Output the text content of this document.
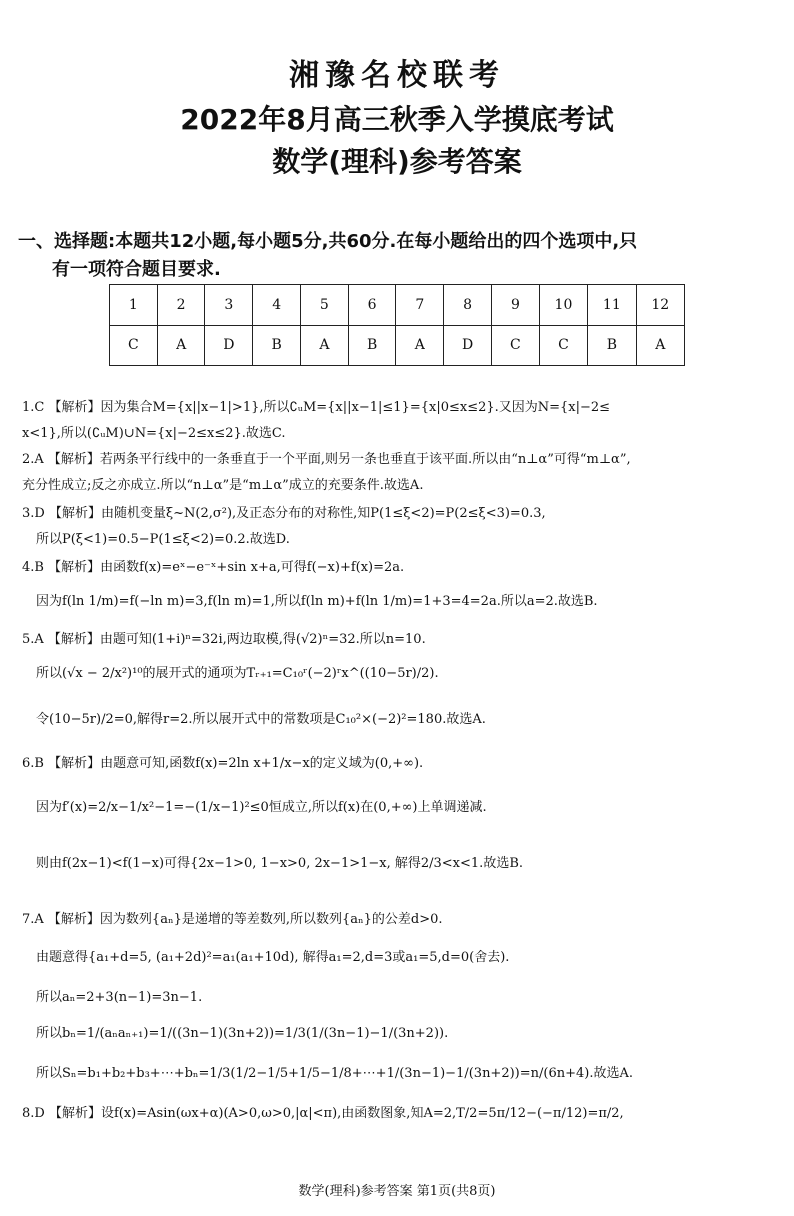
湘豫名校联考
2022年8月高三秋季入学摸底考试
数学(理科)参考答案
一、选择题:本题共12小题,每小题5分,共60分.在每小题给出的四个选项中,只
有一项符合题目要求.
1	2	3	4	5	6	7	8	9	10	11	12
C	A	D	B	A	B	A	D	C	C	B	A
1.C 【解析】因为集合M={x||x−1|>1},所以∁ᵤM={x||x−1|≤1}={x|0≤x≤2}.又因为N={x|−2≤
x<1},所以(∁ᵤM)∪N={x|−2≤x≤2}.故选C.
2.A 【解析】若两条平行线中的一条垂直于一个平面,则另一条也垂直于该平面.所以由“n⊥α”可得“m⊥α”,
充分性成立;反之亦成立.所以“n⊥α”是“m⊥α”成立的充要条件.故选A.
3.D 【解析】由随机变量ξ~N(2,σ²),及正态分布的对称性,知P(1≤ξ<2)=P(2≤ξ<3)=0.3,
所以P(ξ<1)=0.5−P(1≤ξ<2)=0.2.故选D.
4.B 【解析】由函数f(x)=eˣ−e⁻ˣ+sin x+a,可得f(−x)+f(x)=2a.
因为f(ln 1/m)=f(−ln m)=3,f(ln m)=1,所以f(ln m)+f(ln 1/m)=1+3=4=2a.所以a=2.故选B.
5.A 【解析】由题可知(1+i)ⁿ=32i,两边取模,得(√2)ⁿ=32.所以n=10.
所以(√x − 2/x²)¹⁰的展开式的通项为Tᵣ₊₁=C₁₀ʳ(−2)ʳx^((10−5r)/2).
令(10−5r)/2=0,解得r=2.所以展开式中的常数项是C₁₀²×(−2)²=180.故选A.
6.B 【解析】由题意可知,函数f(x)=2ln x+1/x−x的定义域为(0,+∞).
因为f′(x)=2/x−1/x²−1=−(1/x−1)²≤0恒成立,所以f(x)在(0,+∞)上单调递减.
则由f(2x−1)<f(1−x)可得{2x−1>0, 1−x>0, 2x−1>1−x, 解得2/3<x<1.故选B.
7.A 【解析】因为数列{aₙ}是递增的等差数列,所以数列{aₙ}的公差d>0.
由题意得{a₁+d=5, (a₁+2d)²=a₁(a₁+10d), 解得a₁=2,d=3或a₁=5,d=0(舍去).
所以aₙ=2+3(n−1)=3n−1.
所以bₙ=1/(aₙaₙ₊₁)=1/((3n−1)(3n+2))=1/3(1/(3n−1)−1/(3n+2)).
所以Sₙ=b₁+b₂+b₃+⋯+bₙ=1/3(1/2−1/5+1/5−1/8+⋯+1/(3n−1)−1/(3n+2))=n/(6n+4).故选A.
8.D 【解析】设f(x)=Asin(ωx+α)(A>0,ω>0,|α|<π),由函数图象,知A=2,T/2=5π/12−(−π/12)=π/2,
数学(理科)参考答案 第1页(共8页)
